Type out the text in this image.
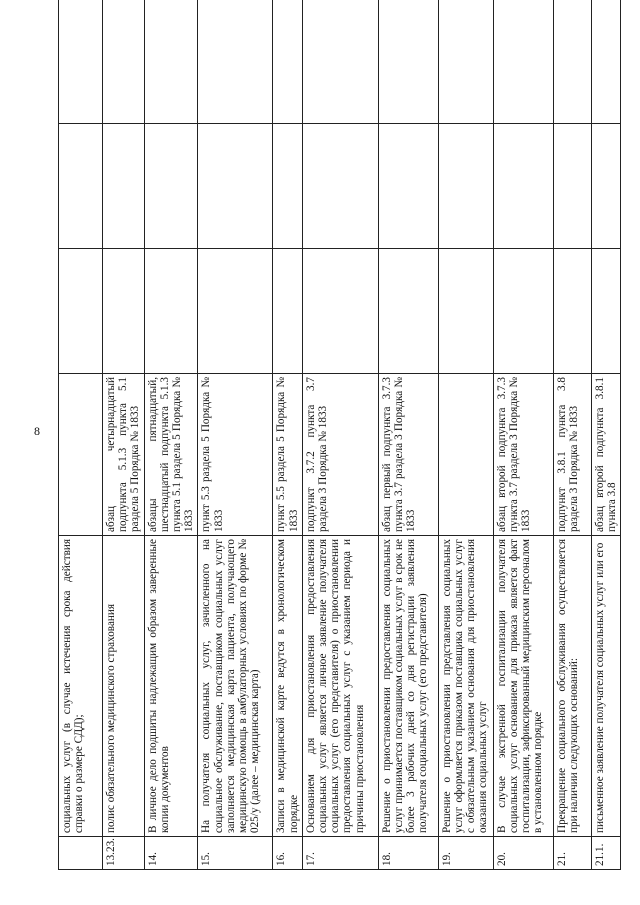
8
	социальных услуг (в случае истечения срока действия справки о размере СДД);				
13.23.	полис обязательного медицинского страхования	абзац четырнадцатый подпункта 5.1.3 пункта 5.1 раздела 5 Порядка № 1833			
14.	В личное дело подшиты надлежащим образом заверенные копии документов	абзацы пятнадцатый, шестнадцатый подпункта 5.1.3 пункта 5.1 раздела 5 Порядка № 1833			
15.	На получателя социальных услуг, зачисленного на социальное обслуживание, поставщиком социальных услуг заполняется медицинская карта пациента, получающего медицинскую помощь в амбулаторных условиях по форме № 025/у (далее – медицинская карта)	пункт 5.3 раздела 5 Порядка № 1833			
16.	Записи в медицинской карте ведутся в хронологическом порядке	пункт 5.5 раздела 5 Порядка № 1833			
17.	Основанием для приостановления предоставления социальных услуг является личное заявление получателя социальных услуг (его представителя) о приостановлении предоставления социальных услуг с указанием периода и причины приостановления	подпункт 3.7.2 пункта 3.7 раздела 3 Порядка № 1833			
18.	Решение о приостановлении предоставления социальных услуг принимается поставщиком социальных услуг в срок не более 3 рабочих дней со дня регистрации заявления получателя социальных услуг (его представителя)	абзац первый подпункта 3.7.3 пункта 3.7 раздела 3 Порядка № 1833			
19.	Решение о приостановлении представления социальных услуг оформляется приказом поставщика социальных услуг с обязательным указанием основания для приостановления оказания социальных услуг				
20.	В случае экстренной госпитализации получателя социальных услуг основанием для приказа является факт госпитализации, зафиксированный медицинским персоналом в установленном порядке	абзац второй подпункта 3.7.3 пункта 3.7 раздела 3 Порядка № 1833			
21.	Прекращение социального обслуживания осуществляется при наличии следующих оснований:	подпункт 3.8.1 пункта 3.8 раздела 3 Порядка № 1833			
21.1.	письменное заявление получателя социальных услуг или его	абзац второй подпункта 3.8.1 пункта 3.8			
